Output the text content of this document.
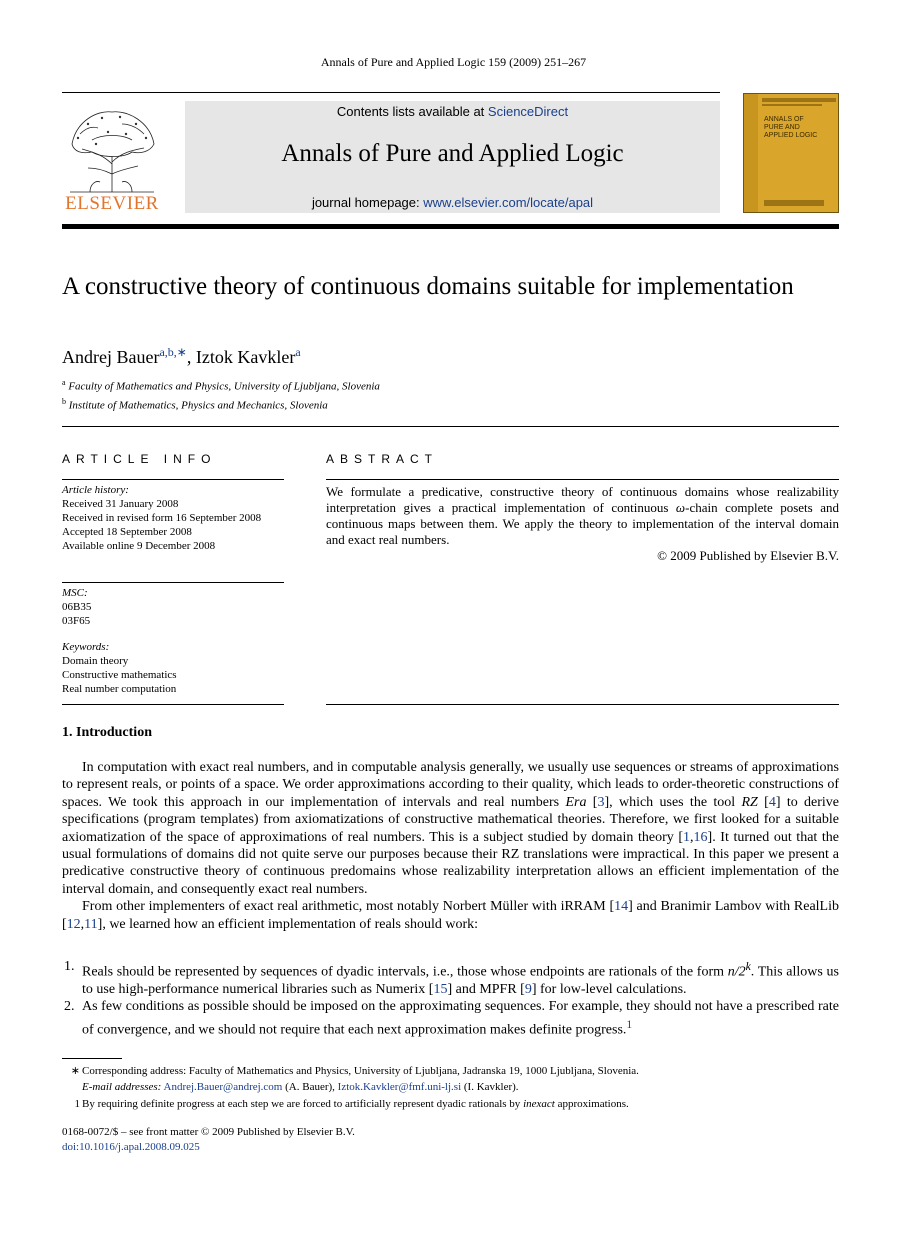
Annals of Pure and Applied Logic 159 (2009) 251–267
ELSEVIER
Contents lists available at ScienceDirect
Annals of Pure and Applied Logic
journal homepage: www.elsevier.com/locate/apal
ANNALS OF
PURE AND
APPLIED LOGIC
A constructive theory of continuous domains suitable for implementation
Andrej Bauer$^{a,b,∗}$, Iztok Kavkler$^a$
$^a$ Faculty of Mathematics and Physics, University of Ljubljana, Slovenia
$^b$ Institute of Mathematics, Physics and Mechanics, Slovenia
ARTICLE INFO	ABSTRACT
Article history:
Received 31 January 2008
Received in revised form 16 September 2008
Accepted 18 September 2008
Available online 9 December 2008
MSC:
06B35
03F65
Keywords:
Domain theory
Constructive mathematics
Real number computation
We formulate a predicative, constructive theory of continuous domains whose realizability interpretation gives a practical implementation of continuous ω-chain complete posets and continuous maps between them. We apply the theory to implementation of the interval domain and exact real numbers.
© 2009 Published by Elsevier B.V.
1. Introduction

In computation with exact real numbers, and in computable analysis generally, we usually use sequences or streams of approximations to represent reals, or points of a space. We order approximations according to their quality, which leads to order-theoretic constructions of spaces. We took this approach in our implementation of intervals and real numbers Era [3], which uses the tool RZ [4] to derive specifications (program templates) from axiomatizations of constructive mathematical theories. Therefore, we first looked for a suitable axiomatization of the space of approximations of real numbers. This is a subject studied by domain theory [1,16]. It turned out that the usual formulations of domains did not quite serve our purposes because their RZ translations were impractical. In this paper we present a predicative constructive theory of continuous predomains whose realizability interpretation allows an efficient implementation of the interval domain, and consequently exact real numbers.

From other implementers of exact real arithmetic, most notably Norbert Müller with iRRAM [14] and Branimir Lambov with RealLib [12,11], we learned how an efficient implementation of reals should work:

1. Reals should be represented by sequences of dyadic intervals, i.e., those whose endpoints are rationals of the form n/2$^k$. This allows us to use high-performance numerical libraries such as Numerix [15] and MPFR [9] for low-level calculations.
2. As few conditions as possible should be imposed on the approximating sequences. For example, they should not have a prescribed rate of convergence, and we should not require that each next approximation makes definite progress.$^1$
∗ Corresponding address: Faculty of Mathematics and Physics, University of Ljubljana, Jadranska 19, 1000 Ljubljana, Slovenia.
E-mail addresses: Andrej.Bauer@andrej.com (A. Bauer), Iztok.Kavkler@fmf.uni-lj.si (I. Kavkler).
1 By requiring definite progress at each step we are forced to artificially represent dyadic rationals by inexact approximations.
0168-0072/$ – see front matter © 2009 Published by Elsevier B.V.
doi:10.1016/j.apal.2008.09.025
